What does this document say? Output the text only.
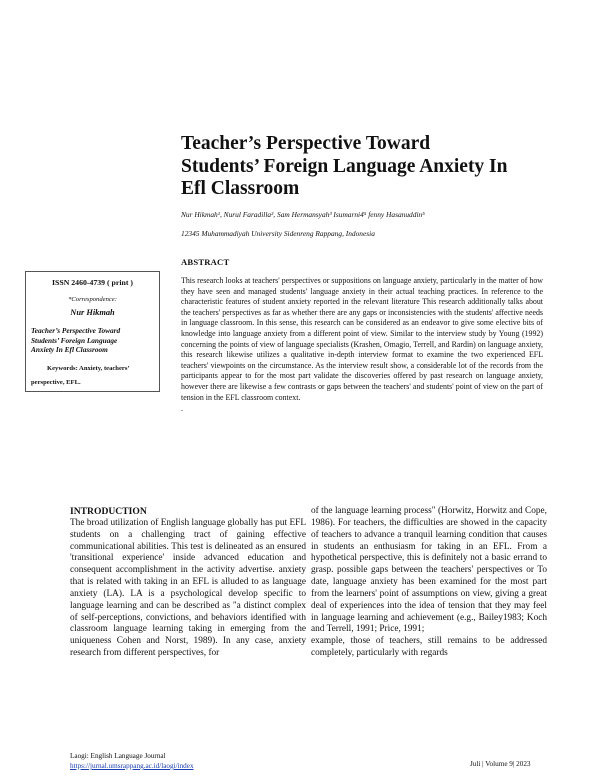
Teacher’s Perspective Toward
Students’ Foreign Language Anxiety In
Efl Classroom
Nur Hikmah¹, Nurul Faradilla², Sam Hermansyah³ Isumarni4⁵ fenny Hasanuddin⁵
12345 Muhammadiyah University Sidenreng Rappang, Indonesia
ABSTRACT
This research looks at teachers' perspectives or suppositions on language anxiety, particularly in the matter of how they have seen and managed students' language anxiety in their actual teaching practices. In reference to the characteristic features of student anxiety reported in the relevant literature This research additionally talks about the teachers' perspectives as far as whether there are any gaps or inconsistencies with the students' affective needs in language classroom. In this sense, this research can be considered as an endeavor to give some elective bits of knowledge into language anxiety from a different point of view. Similar to the interview study by Young (1992) concerning the points of view of language specialists (Krashen, Omagio, Terrell, and Rardin) on language anxiety, this research likewise utilizes a qualitative in-depth interview format to examine the two experienced EFL teachers' viewpoints on the circumstance. As the interview result show, a considerable lot of the records from the participants appear to for the most part validate the discoveries offered by past research on language anxiety, however there are likewise a few contrasts or gaps between the teachers' and students' point of view on the part of tension in the EFL classroom context.
.
ISSN 2460-4739 ( print )
*Correspondence:
Nur Hikmah
Teacher’s Perspective Toward
Students’ Foreign Language
Anxiety In Efl Classroom
Keywords: Anxiety, teachers’
perspective, EFL.
INTRODUCTION
The broad utilization of English language globally has put EFL students on a challenging tract of gaining effective communicational abilities. This test is delineated as an ensured 'transitional experience' inside advanced education and consequent accomplishment in the activity advertise. anxiety that is related with taking in an EFL is alluded to as language anxiety (LA). LA is a psychological develop specific to language learning and can be described as "a distinct complex of self-perceptions, convictions, and behaviors identified with classroom language learning taking in emerging from the uniqueness Cohen and Norst, 1989). In any case, anxiety research from different perspectives, for
of the language learning process" (Horwitz, Horwitz and Cope, 1986). For teachers, the difficulties are showed in the capacity of teachers to advance a tranquil learning condition that causes in students an enthusiasm for taking in an EFL. From a hypothetical perspective, this is definitely not a basic errand to grasp. possible gaps between the teachers' perspectives or To date, language anxiety has been examined for the most part from the learners' point of assumptions on view, giving a great deal of experiences into the idea of tension that they may feel in language learning and achievement (e.g., Bailey1983; Koch and Terrell, 1991; Price, 1991;
example, those of teachers, still remains to be addressed completely, particularly with regards
Laogi: English Language Journal
https://jurnal.umsrappang.ac.id/laogi/index	Juli | Volume 9| 2023
